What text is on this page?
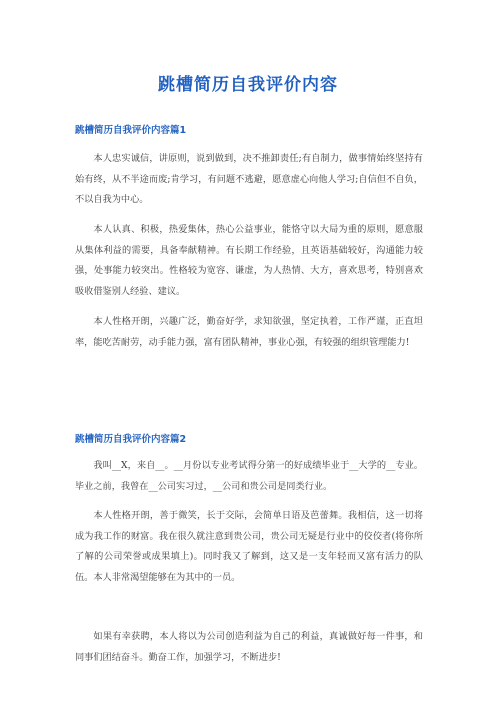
跳槽简历自我评价内容
跳槽简历自我评价内容篇1

本人忠实诚信，讲原则，说到做到，决不推卸责任;有自制力，做事情始终坚持有始有终，从不半途而废;肯学习，有问题不逃避，愿意虚心向他人学习;自信但不自负，不以自我为中心。

本人认真、积极，热爱集体，热心公益事业，能恪守以大局为重的原则，愿意服从集体利益的需要，具备奉献精神。有长期工作经验，且英语基础较好，沟通能力较强，处事能力较突出。性格较为宽容、谦虚，为人热情、大方，喜欢思考，特别喜欢吸收借鉴别人经验、建议。

本人性格开朗，兴趣广泛，勤奋好学，求知欲强，坚定执着，工作严谨，正直坦率，能吃苦耐劳，动手能力强，富有团队精神，事业心强，有较强的组织管理能力!

跳槽简历自我评价内容篇2

我叫__X，来自__。__月份以专业考试得分第一的好成绩毕业于__大学的__专业。毕业之前，我曾在__公司实习过，__公司和贵公司是同类行业。

本人性格开朗，善于微笑，长于交际，会简单日语及芭蕾舞。我相信，这一切将成为我工作的财富。我在很久就注意到贵公司，贵公司无疑是行业中的佼佼者(将你所了解的公司荣誉或成果填上)。同时我又了解到，这又是一支年轻而又富有活力的队伍。本人非常渴望能够在为其中的一员。

如果有幸获聘，本人将以为公司创造利益为自己的利益，真诚做好每一件事，和同事们团结奋斗。勤奋工作，加强学习，不断进步!
